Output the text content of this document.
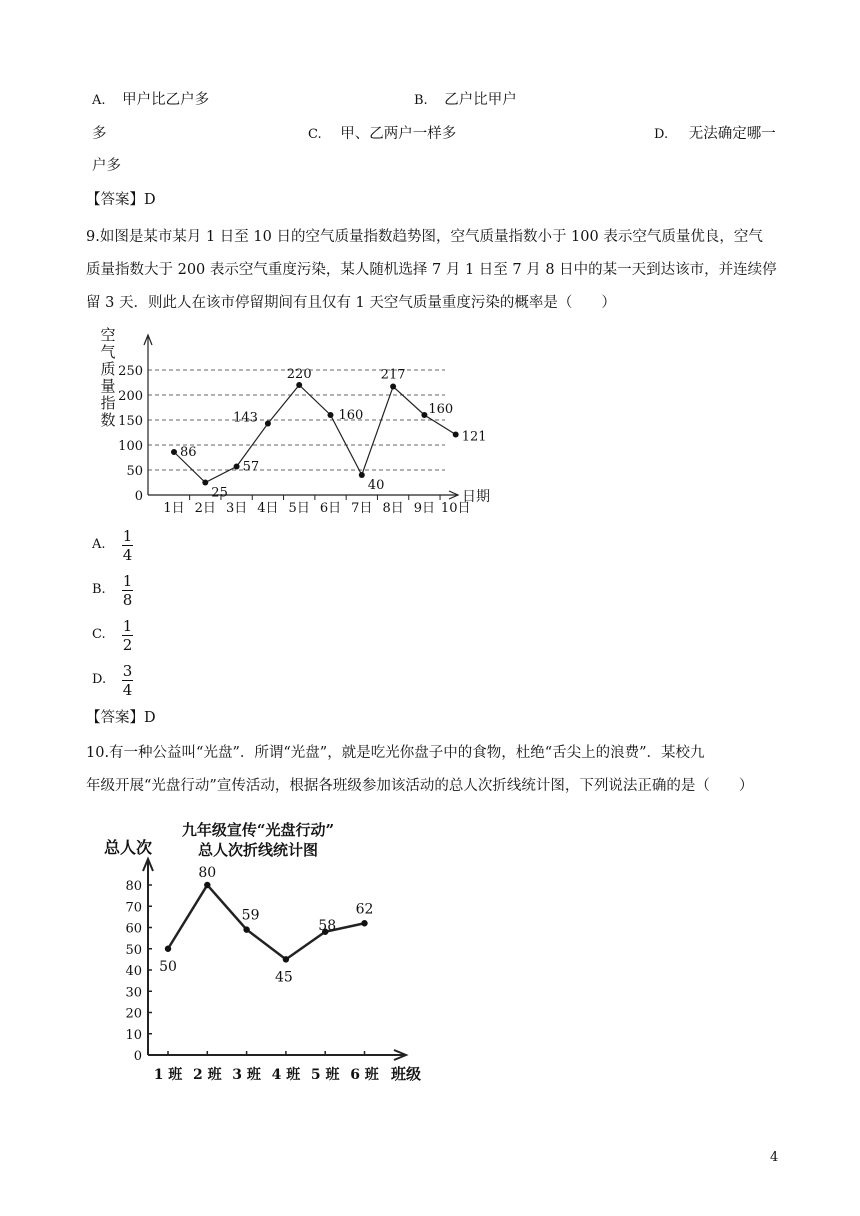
A. 甲户比乙户多	B. 乙户比甲户
多	C. 甲、乙两户一样多	D. 无法确定哪一
户多
【答案】D
9.如图是某市某月 1 日至 10 日的空气质量指数趋势图，空气质量指数小于 100 表示空气质量优良，空气
质量指数大于 200 表示空气重度污染，某人随机选择 7 月 1 日至 7 月 8 日中的某一天到达该市，并连续停
留 3 天．则此人在该市停留期间有且仅有 1 天空气质量重度污染的概率是（　　）
空
气
质
量
指
数
日期
0
50
100
150
200
250
1日 2日 3日 4日 5日 6日 7日 8日 9日 10日
86
25
57
143
220
160
40
217
160
121
A. 1
4
B. 1
8
C. 1
2
D. 3
4
【答案】D
10.有一种公益叫“光盘”．所谓“光盘”，就是吃光你盘子中的食物，杜绝“舌尖上的浪费”．某校九
年级开展“光盘行动”宣传活动，根据各班级参加该活动的总人次折线统计图，下列说法正确的是（　　）
九年级宣传“光盘行动”
总人次折线统计图
总人次
班级
0
10
20
30
40
50
60
70
80
1 班 2 班 3 班 4 班 5 班 6 班
50
80
59
45
58
62
4
